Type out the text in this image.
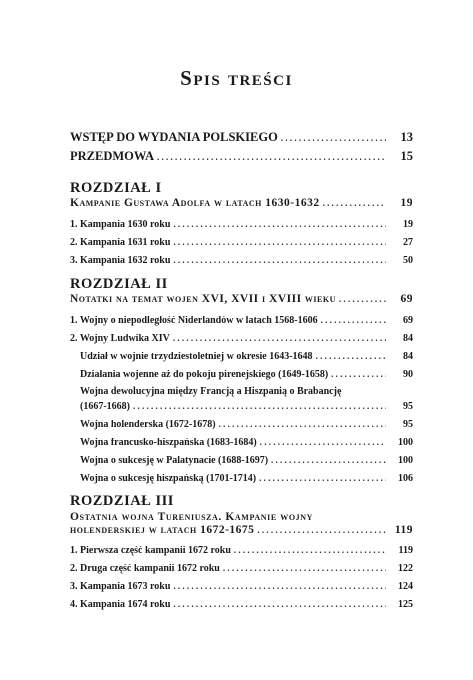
Spis treści
WSTĘP DO WYDANIA POLSKIEGO . . .	13
PRZEDMOWA . . .	15
ROZDZIAŁ I
Kampanie Gustawa Adolfa w latach 1630-1632 . . .	19
1. Kampania 1630 roku . . .	19
2. Kampania 1631 roku . . .	27
3. Kampania 1632 roku . . .	50
ROZDZIAŁ II
Notatki na temat wojen XVI, XVII i XVIII wieku . . .	69
1. Wojny o niepodległość Niderlandów w latach 1568-1606 . . .	69
2. Wojny Ludwika XIV . . .	84
Udział w wojnie trzydziestoletniej w okresie 1643-1648 . . .	84
Działania wojenne aż do pokoju pirenejskiego (1649-1658) . . .	90
Wojna dewolucyjna między Francją a Hiszpanią o Brabancję
(1667-1668) . . .	95
Wojna holenderska (1672-1678) . . .	95
Wojna francusko-hiszpańska (1683-1684) . . .	100
Wojna o sukcesję w Palatynacie (1688-1697) . . .	100
Wojna o sukcesję hiszpańską (1701-1714) . . .	106
ROZDZIAŁ III
Ostatnia wojna Tureniusza. Kampanie wojny
holenderskiej w latach 1672-1675 . . .	119
1. Pierwsza część kampanii 1672 roku . . .	119
2. Druga część kampanii 1672 roku . . .	122
3. Kampania 1673 roku . . .	124
4. Kampania 1674 roku . . .	125
